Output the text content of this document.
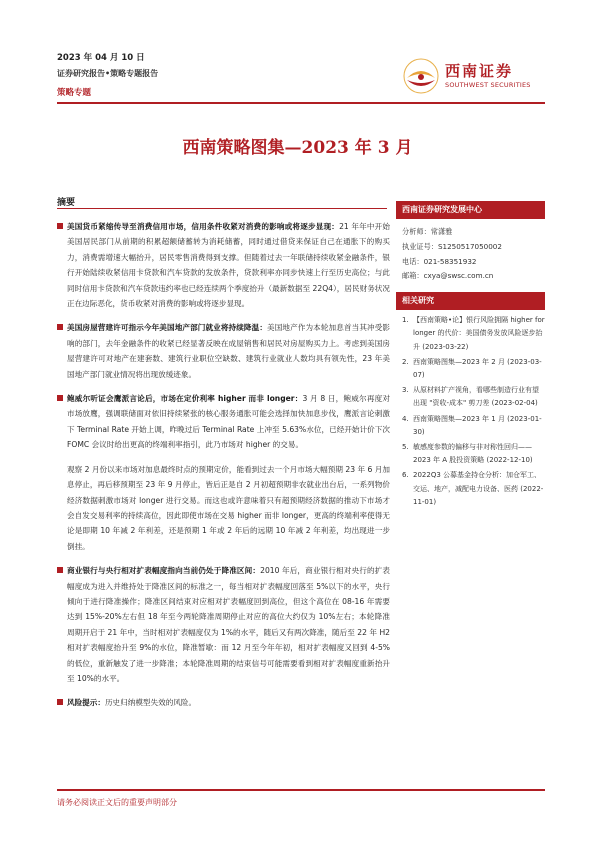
2023 年 04 月 10 日
证券研究报告•策略专题报告
策略专题
西南证券
SOUTHWEST SECURITIES
西南策略图集—2023 年 3 月
摘要

美国货币紧缩传导至消费信用市场，信用条件收紧对消费的影响或将逐步显现：21 年年中开始美国居民部门从前期的积累超额储蓄转为消耗储蓄，同时通过借贷来保证自己在通胀下的购买力，消费需增速大幅抬升，居民零售消费得到支撑。但随着过去一年联储持续收紧金融条件，银行开始陆续收紧信用卡贷款和汽车贷款的发放条件，贷款利率亦同步快速上行至历史高位；与此同时信用卡贷款和汽车贷款违约率也已经连续两个季度抬升（最新数据至 22Q4），居民财务状况正在边际恶化，货币收紧对消费的影响或将逐步显现。

美国房屋营建许可指示今年美国地产部门就业将持续降温：美国地产作为本轮加息首当其冲受影响的部门，去年金融条件的收紧已经显著反映在成屋销售和居民对房屋购买力上。考虑到美国房屋营建许可对地产在建套数、建筑行业职位空缺数、建筑行业就业人数均具有领先性，23 年美国地产部门就业情况将出现放缓迹象。

鲍威尔听证会鹰派言论后，市场在定价利率 higher 而非 longer：3 月 8 日，鲍威尔再度对市场放鹰，强调联储面对依旧持续紧张的核心服务通胀可能会选择加快加息步伐，鹰派言论刺激下 Terminal Rate 开始上调，昨晚过后 Terminal Rate 上冲至 5.63%水位，已经开始计价下次 FOMC 会议时给出更高的终端利率指引，此乃市场对 higher 的交易。

观察 2 月份以来市场对加息最终时点的预期定价，能看到过去一个月市场大幅预期 23 年 6 月加息停止，再后移预期至 23 年 9 月停止，皆后正是自 2 月初超预期非农就业出台后，一系列物价经济数据刺激市场对 longer 进行交易。而这也或许意味着只有超预期经济数据的推动下市场才会自发交易利率的持续高位，因此即使市场在交易 higher 而非 longer，更高的终端利率使得无论是即期 10 年减 2 年利差，还是预期 1 年或 2 年后的远期 10 年减 2 年利差，均出现进一步倒挂。

商业银行与央行相对扩表幅度指向当前仍处于降准区间：2010 年后，商业银行相对央行的扩表幅度成为进入并维持处于降准区间的标准之一，每当相对扩表幅度回落至 5%以下的水平，央行倾向于进行降准操作；降准区间结束对应相对扩表幅度回到高位，但这个高位在 08-16 年需要达到 15%-20%左右但 18 年至今两轮降准周期停止对应的高位大约仅为 10%左右；本轮降准周期开启于 21 年中，当时相对扩表幅度仅为 1%的水平，随后又有两次降准，随后至 22 年 H2 相对扩表幅度抬升至 9%的水位，降准暂歇：而 12 月至今年年初，相对扩表幅度又回到 4-5%的低位，重新触发了进一步降准；本轮降准周期的结束信号可能需要看到相对扩表幅度重新抬升至 10%的水平。

风险提示：历史归纳模型失效的风险。

西南证券研究发展中心
分析师：常潇雅
执业证号：S1250517050002
电话：021-58351932
邮箱：cxya@swsc.com.cn
相关研究
1. 【西南策略•论】银行风险拥隔 higher for longer 的代价：美国债务发放风险逐步抬升 (2023-03-22)
2. 西南策略图集—2023 年 2 月 (2023-03-07)
3. 从原材料扩产视角，看哪些制造行业有望出现 "资收-成本" 剪刀差 (2023-02-04)
4. 西南策略图集—2023 年 1 月 (2023-01-30)
5. 敏感度参数的偏移与非对称性回归——2023 年 A 股投资策略 (2022-12-10)
6. 2022Q3 公募基金持仓分析：加仓军工、交运、地产，减配电力设备、医药 (2022-11-01)
请务必阅读正文后的重要声明部分
